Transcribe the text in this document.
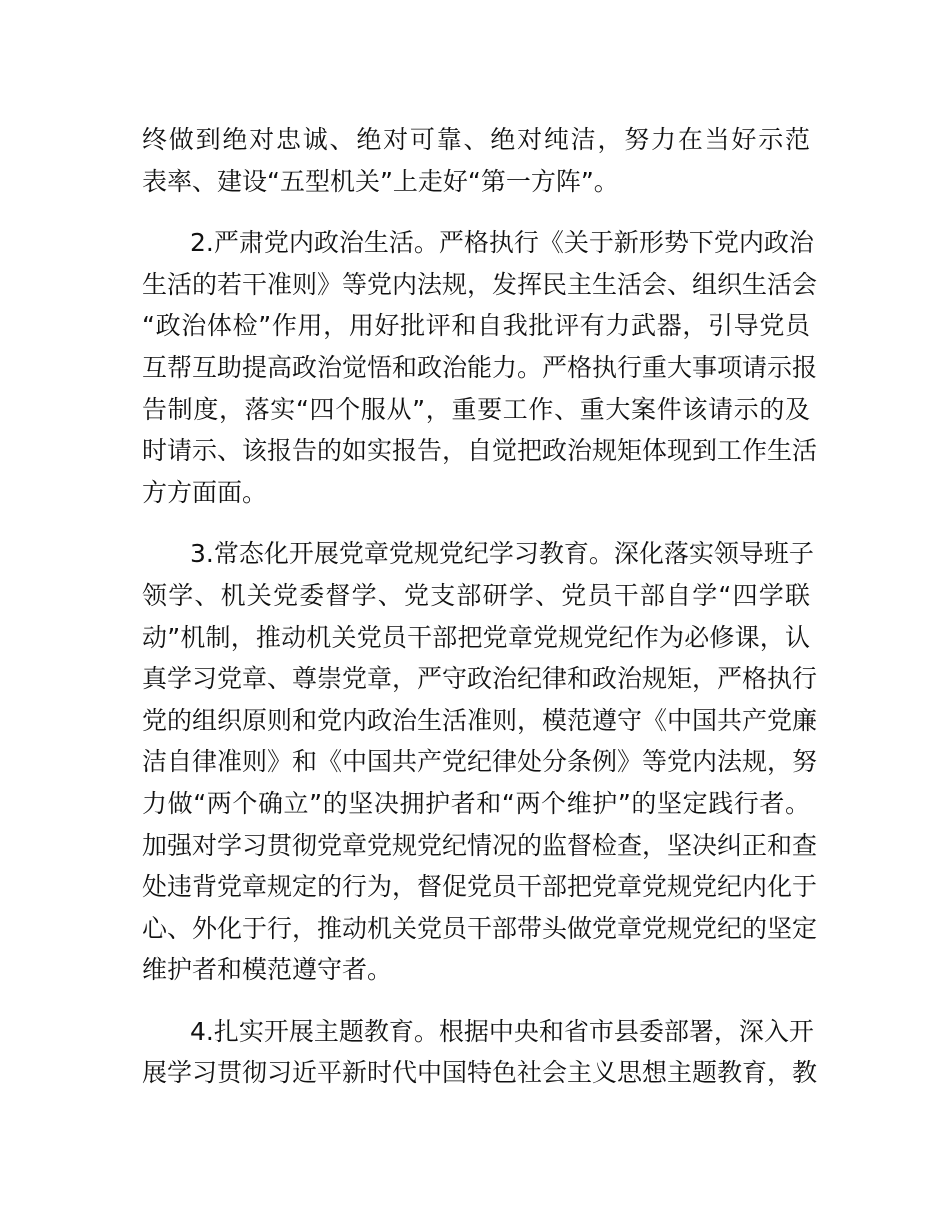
终做到绝对忠诚、绝对可靠、绝对纯洁，努力在当好示范
表率、建设“五型机关”上走好“第一方阵”。
2.严肃党内政治生活。严格执行《关于新形势下党内政治
生活的若干准则》等党内法规，发挥民主生活会、组织生活会
“政治体检”作用，用好批评和自我批评有力武器，引导党员
互帮互助提高政治觉悟和政治能力。严格执行重大事项请示报
告制度，落实“四个服从”，重要工作、重大案件该请示的及
时请示、该报告的如实报告，自觉把政治规矩体现到工作生活
方方面面。
3.常态化开展党章党规党纪学习教育。深化落实领导班子
领学、机关党委督学、党支部研学、党员干部自学“四学联
动”机制，推动机关党员干部把党章党规党纪作为必修课，认
真学习党章、尊崇党章，严守政治纪律和政治规矩，严格执行
党的组织原则和党内政治生活准则，模范遵守《中国共产党廉
洁自律准则》和《中国共产党纪律处分条例》等党内法规，努
力做“两个确立”的坚决拥护者和“两个维护”的坚定践行者。
加强对学习贯彻党章党规党纪情况的监督检查，坚决纠正和查
处违背党章规定的行为，督促党员干部把党章党规党纪内化于
心、外化于行，推动机关党员干部带头做党章党规党纪的坚定
维护者和模范遵守者。
4.扎实开展主题教育。根据中央和省市县委部署，深入开
展学习贯彻习近平新时代中国特色社会主义思想主题教育，教
